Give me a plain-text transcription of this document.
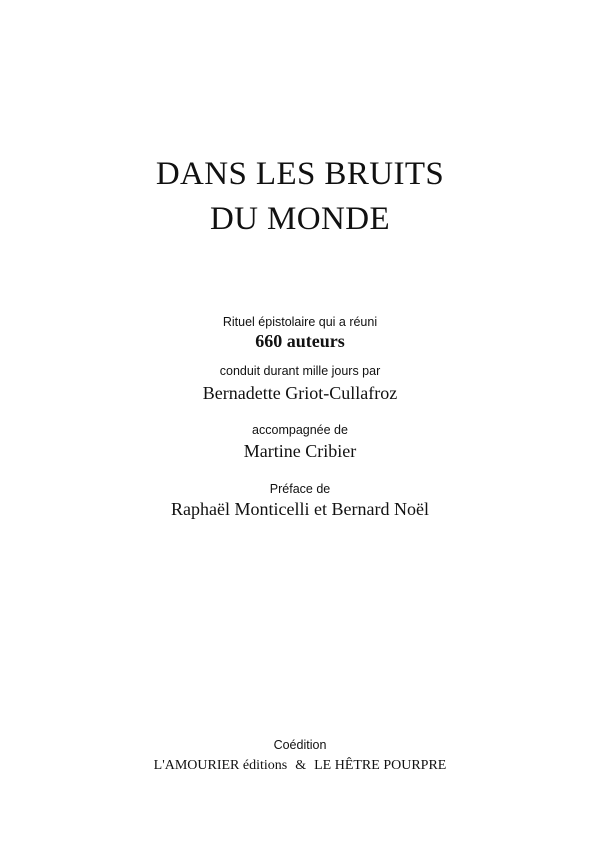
DANS LES BRUITS
DU MONDE
Rituel épistolaire qui a réuni
660 auteurs
conduit durant mille jours par
Bernadette Griot-Cullafroz
accompagnée de
Martine Cribier
Préface de
Raphaël Monticelli et Bernard Noël
Coédition
L'AMOURIER éditions & LE HÊTRE POURPRE
